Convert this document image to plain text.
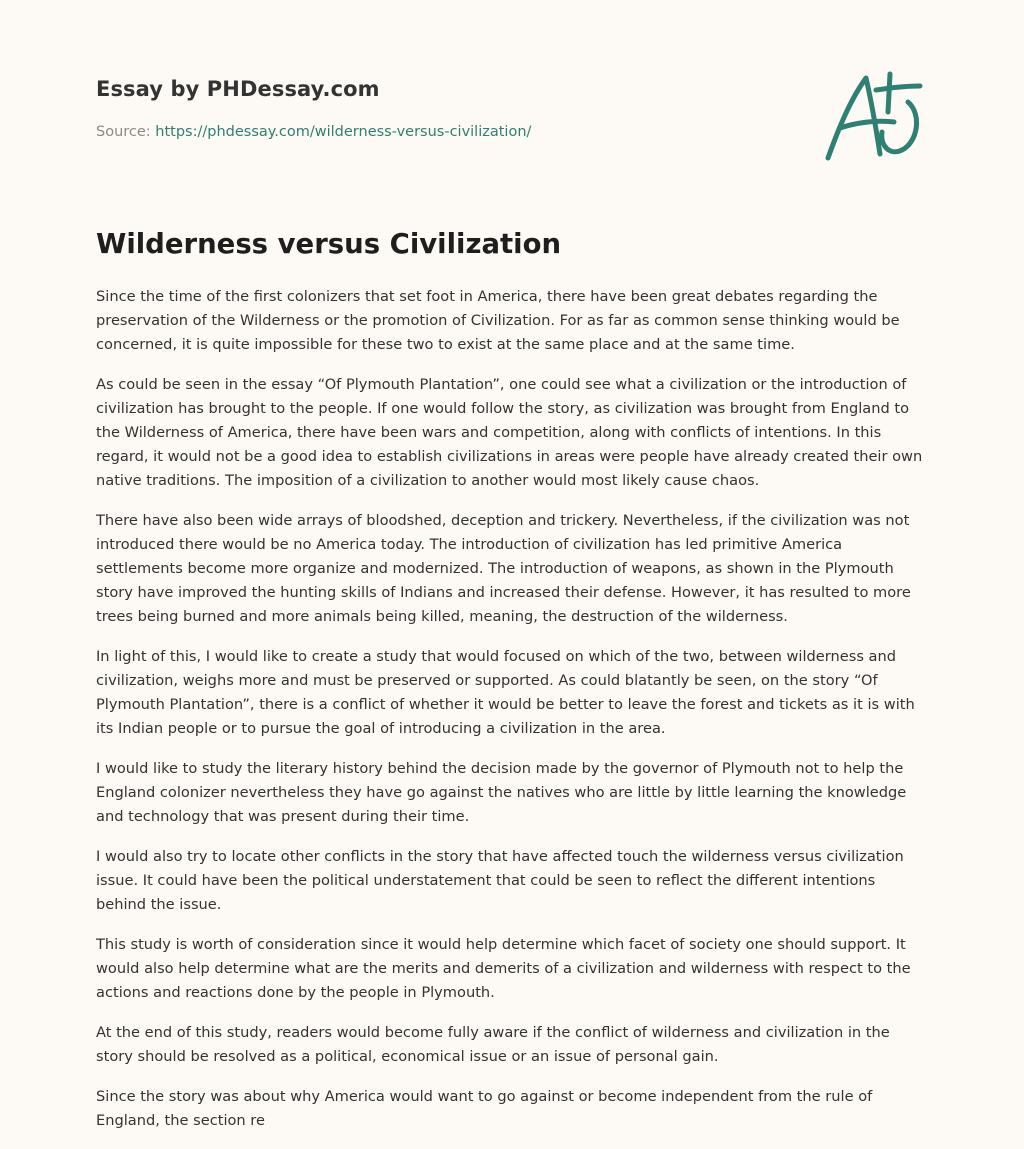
Essay by PHDessay.com
Source: https://phdessay.com/wilderness-versus-civilization/
Wilderness versus Civilization

Since the time of the first colonizers that set foot in America, there have been great debates regarding the preservation of the Wilderness or the promotion of Civilization. For as far as common sense thinking would be concerned, it is quite impossible for these two to exist at the same place and at the same time.

As could be seen in the essay “Of Plymouth Plantation”, one could see what a civilization or the introduction of civilization has brought to the people. If one would follow the story, as civilization was brought from England to the Wilderness of America, there have been wars and competition, along with conflicts of intentions. In this regard, it would not be a good idea to establish civilizations in areas were people have already created their own native traditions. The imposition of a civilization to another would most likely cause chaos.

There have also been wide arrays of bloodshed, deception and trickery. Nevertheless, if the civilization was not introduced there would be no America today. The introduction of civilization has led primitive America settlements become more organize and modernized. The introduction of weapons, as shown in the Plymouth story have improved the hunting skills of Indians and increased their defense. However, it has resulted to more trees being burned and more animals being killed, meaning, the destruction of the wilderness.

In light of this, I would like to create a study that would focused on which of the two, between wilderness and civilization, weighs more and must be preserved or supported. As could blatantly be seen, on the story “Of Plymouth Plantation”, there is a conflict of whether it would be better to leave the forest and tickets as it is with its Indian people or to pursue the goal of introducing a civilization in the area.

I would like to study the literary history behind the decision made by the governor of Plymouth not to help the England colonizer nevertheless they have go against the natives who are little by little learning the knowledge and technology that was present during their time.

I would also try to locate other conflicts in the story that have affected touch the wilderness versus civilization issue. It could have been the political understatement that could be seen to reflect the different intentions behind the issue.

This study is worth of consideration since it would help determine which facet of society one should support. It would also help determine what are the merits and demerits of a civilization and wilderness with respect to the actions and reactions done by the people in Plymouth.

At the end of this study, readers would become fully aware if the conflict of wilderness and civilization in the story should be resolved as a political, economical issue or an issue of personal gain.

Since the story was about why America would want to go against or become independent from the rule of England, the section re
